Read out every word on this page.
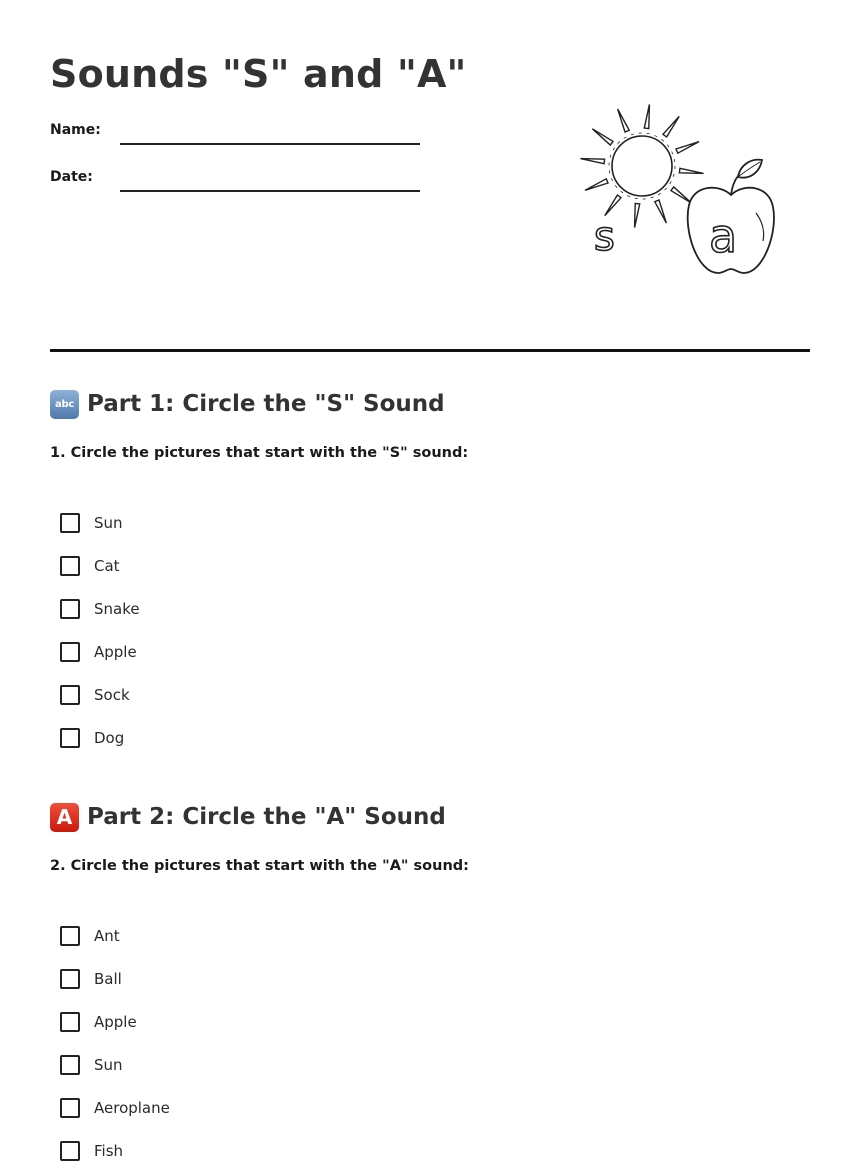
Sounds "S" and "A"
Name:
Date:
s a
abc Part 1: Circle the "S" Sound

1. Circle the pictures that start with the "S" sound:

Sun
Cat
Snake
Apple
Sock
Dog
A Part 2: Circle the "A" Sound

2. Circle the pictures that start with the "A" sound:

Ant
Ball
Apple
Sun
Aeroplane
Fish
